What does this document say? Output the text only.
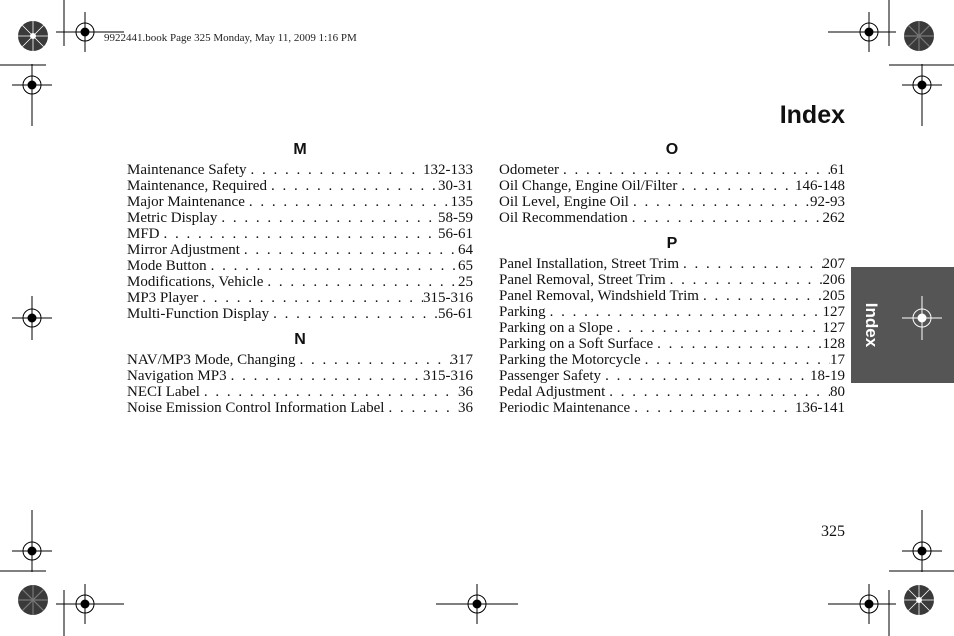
9922441.book Page 325 Monday, May 11, 2009 1:16 PM
Index
M
Maintenance Safety . . .	132-133
Maintenance, Required . . .	30-31
Major Maintenance . . .	135
Metric Display . . .	58-59
MFD . . .	56-61
Mirror Adjustment . . .	64
Mode Button . . .	65
Modifications, Vehicle . . .	25
MP3 Player . . .	315-316
Multi-Function Display . . .	56-61
N
NAV/MP3 Mode, Changing . . .	317
Navigation MP3 . . .	315-316
NECI Label . . .	36
Noise Emission Control Information Label . . .	36
O
Odometer . . .	61
Oil Change, Engine Oil/Filter . . .	146-148
Oil Level, Engine Oil . . .	92-93
Oil Recommendation . . .	262
P
Panel Installation, Street Trim . . .	207
Panel Removal, Street Trim . . .	206
Panel Removal, Windshield Trim . . .	205
Parking . . .	127
Parking on a Slope . . .	127
Parking on a Soft Surface . . .	128
Parking the Motorcycle . . .	17
Passenger Safety . . .	18-19
Pedal Adjustment . . .	80
Periodic Maintenance . . .	136-141
Index
325
